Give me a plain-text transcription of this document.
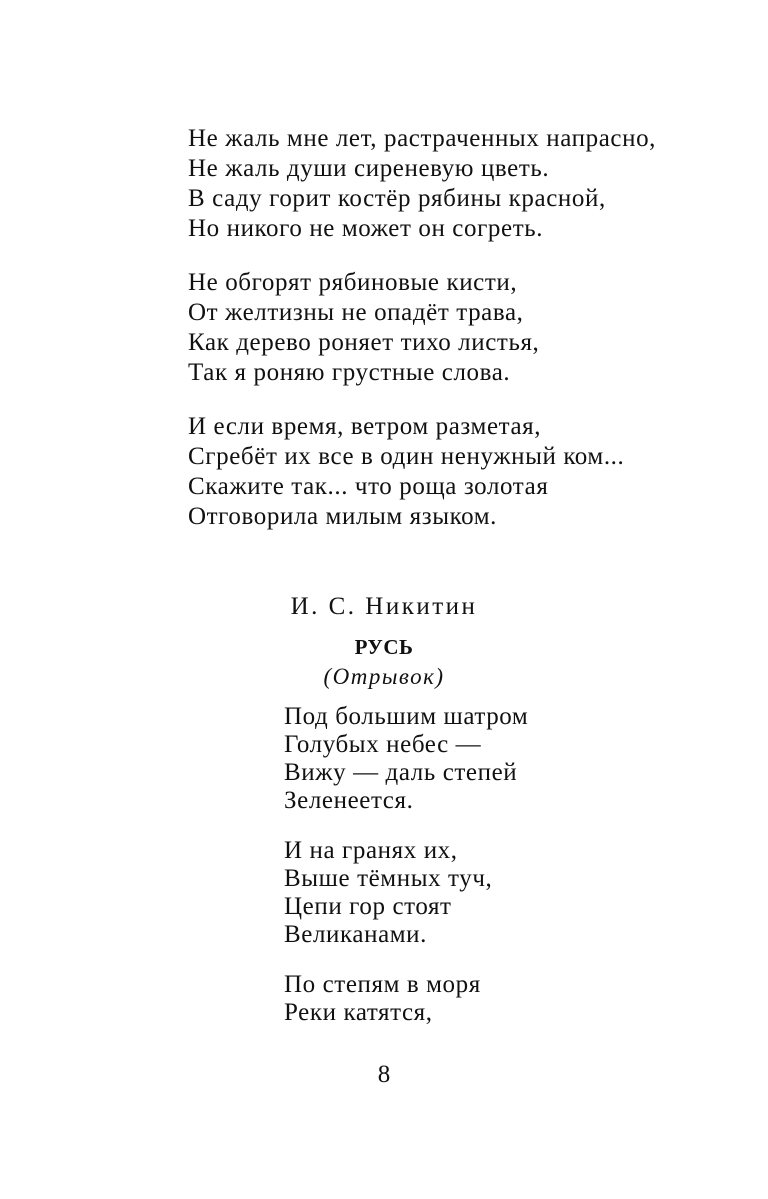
Не жаль мне лет, растраченных напрасно,
Не жаль души сиреневую цветь.
В саду горит костёр рябины красной,
Но никого не может он согреть.
Не обгорят рябиновые кисти,
От желтизны не опадёт трава,
Как дерево роняет тихо листья,
Так я роняю грустные слова.
И если время, ветром разметая,
Сгребёт их все в один ненужный ком...
Скажите так... что роща золотая
Отговорила милым языком.
И. С. Никитин
РУСЬ
(Отрывок)
Под большим шатром
Голубых небес —
Вижу — даль степей
Зеленеется.
И на гранях их,
Выше тёмных туч,
Цепи гор стоят
Великанами.
По степям в моря
Реки катятся,
8
